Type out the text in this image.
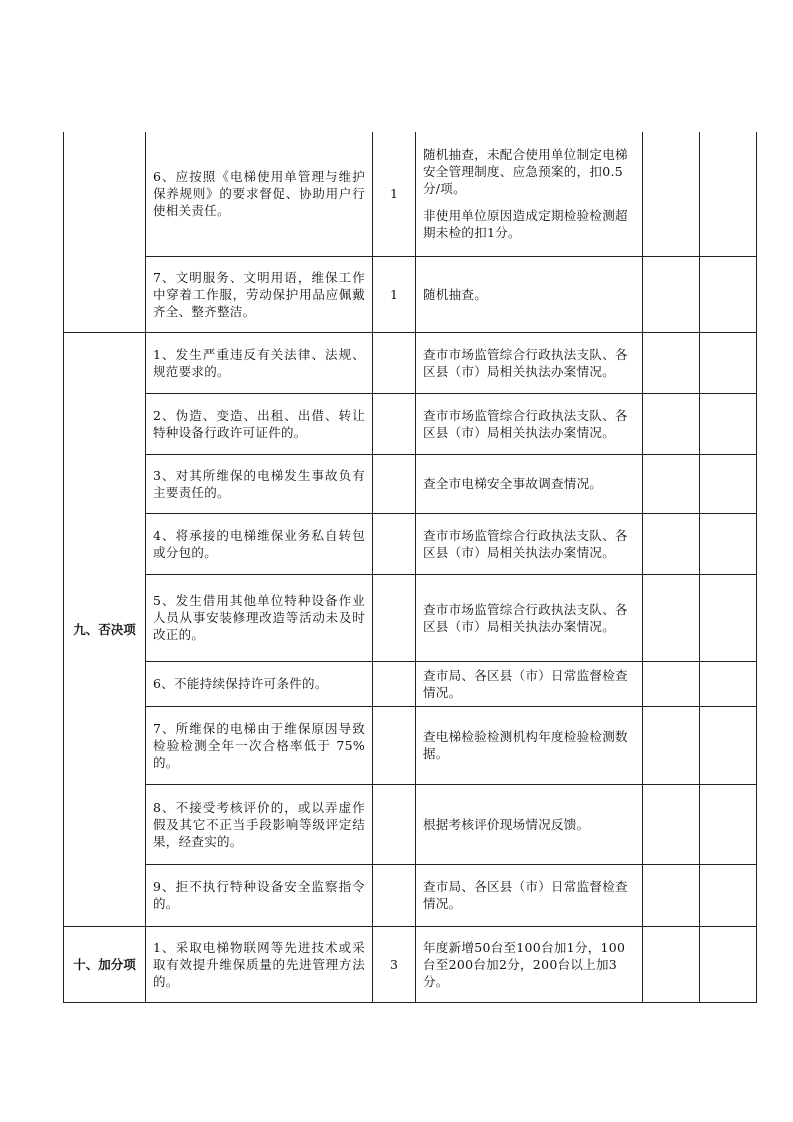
	6、应按照《电梯使用单管理与维护保养规则》的要求督促、协助用户行使相关责任。	1	随机抽查，未配合使用单位制定电梯安全管理制度、应急预案的，扣0.5分/项。

非使用单位原因造成定期检验检测超期未检的扣1分。		

	7、文明服务、文明用语，维保工作中穿着工作服，劳动保护用品应佩戴齐全、整齐整洁。	1	随机抽查。		

九、否决项	1、发生严重违反有关法律、法规、规范要求的。		查市市场监管综合行政执法支队、各区县（市）局相关执法办案情况。		
	2、伪造、变造、出租、出借、转让特种设备行政许可证件的。		查市市场监管综合行政执法支队、各区县（市）局相关执法办案情况。		
	3、对其所维保的电梯发生事故负有主要责任的。		查全市电梯安全事故调查情况。		
	4、将承接的电梯维保业务私自转包或分包的。		查市市场监管综合行政执法支队、各区县（市）局相关执法办案情况。		
	5、发生借用其他单位特种设备作业人员从事安装修理改造等活动未及时改正的。		查市市场监管综合行政执法支队、各区县（市）局相关执法办案情况。		
	6、不能持续保持许可条件的。		查市局、各区县（市）日常监督检查情况。		
	7、所维保的电梯由于维保原因导致检验检测全年一次合格率低于 75%的。		查电梯检验检测机构年度检验检测数据。		
	8、不接受考核评价的，或以弄虚作假及其它不正当手段影响等级评定结果，经查实的。		根据考核评价现场情况反馈。		
	9、拒不执行特种设备安全监察指令的。		查市局、各区县（市）日常监督检查情况。		
十、加分项	1、采取电梯物联网等先进技术或采取有效提升维保质量的先进管理方法的。	3	年度新增50台至100台加1分，100台至200台加2分，200台以上加3分。		
